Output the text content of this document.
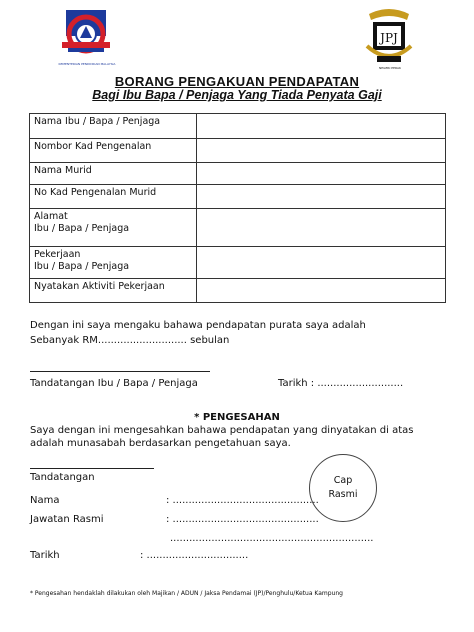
KEMENTERIAN PENDIDIKAN MALAYSIA
JPJ
NEGERI PERAK
BORANG PENGAKUAN PENDAPATAN
Bagi Ibu Bapa / Penjaga Yang Tiada Penyata Gaji
Nama Ibu / Bapa / Penjaga	
Nombor Kad Pengenalan	
Nama Murid	
No Kad Pengenalan Murid	

Alamat
Ibu / Bapa / Penjaga	

Pekerjaan
Ibu / Bapa / Penjaga	

Nyatakan Aktiviti Pekerjaan	
Dengan ini saya mengaku bahawa pendapatan purata saya adalah
Sebanyak RM............................ sebulan
Tandatangan Ibu / Bapa / Penjaga	Tarikh : ...........................
* PENGESAHAN
Saya dengan ini mengesahkan bahawa pendapatan yang dinyatakan di atas
adalah munasabah berdasarkan pengetahuan saya.
Tandatangan
Nama	: ..............................................
Jawatan Rasmi	: ..............................................
................................................................
Tarikh	: ................................
Cap
Rasmi
* Pengesahan hendaklah dilakukan oleh Majikan / ADUN / Jaksa Pendamai (JP)/Penghulu/Ketua Kampung
